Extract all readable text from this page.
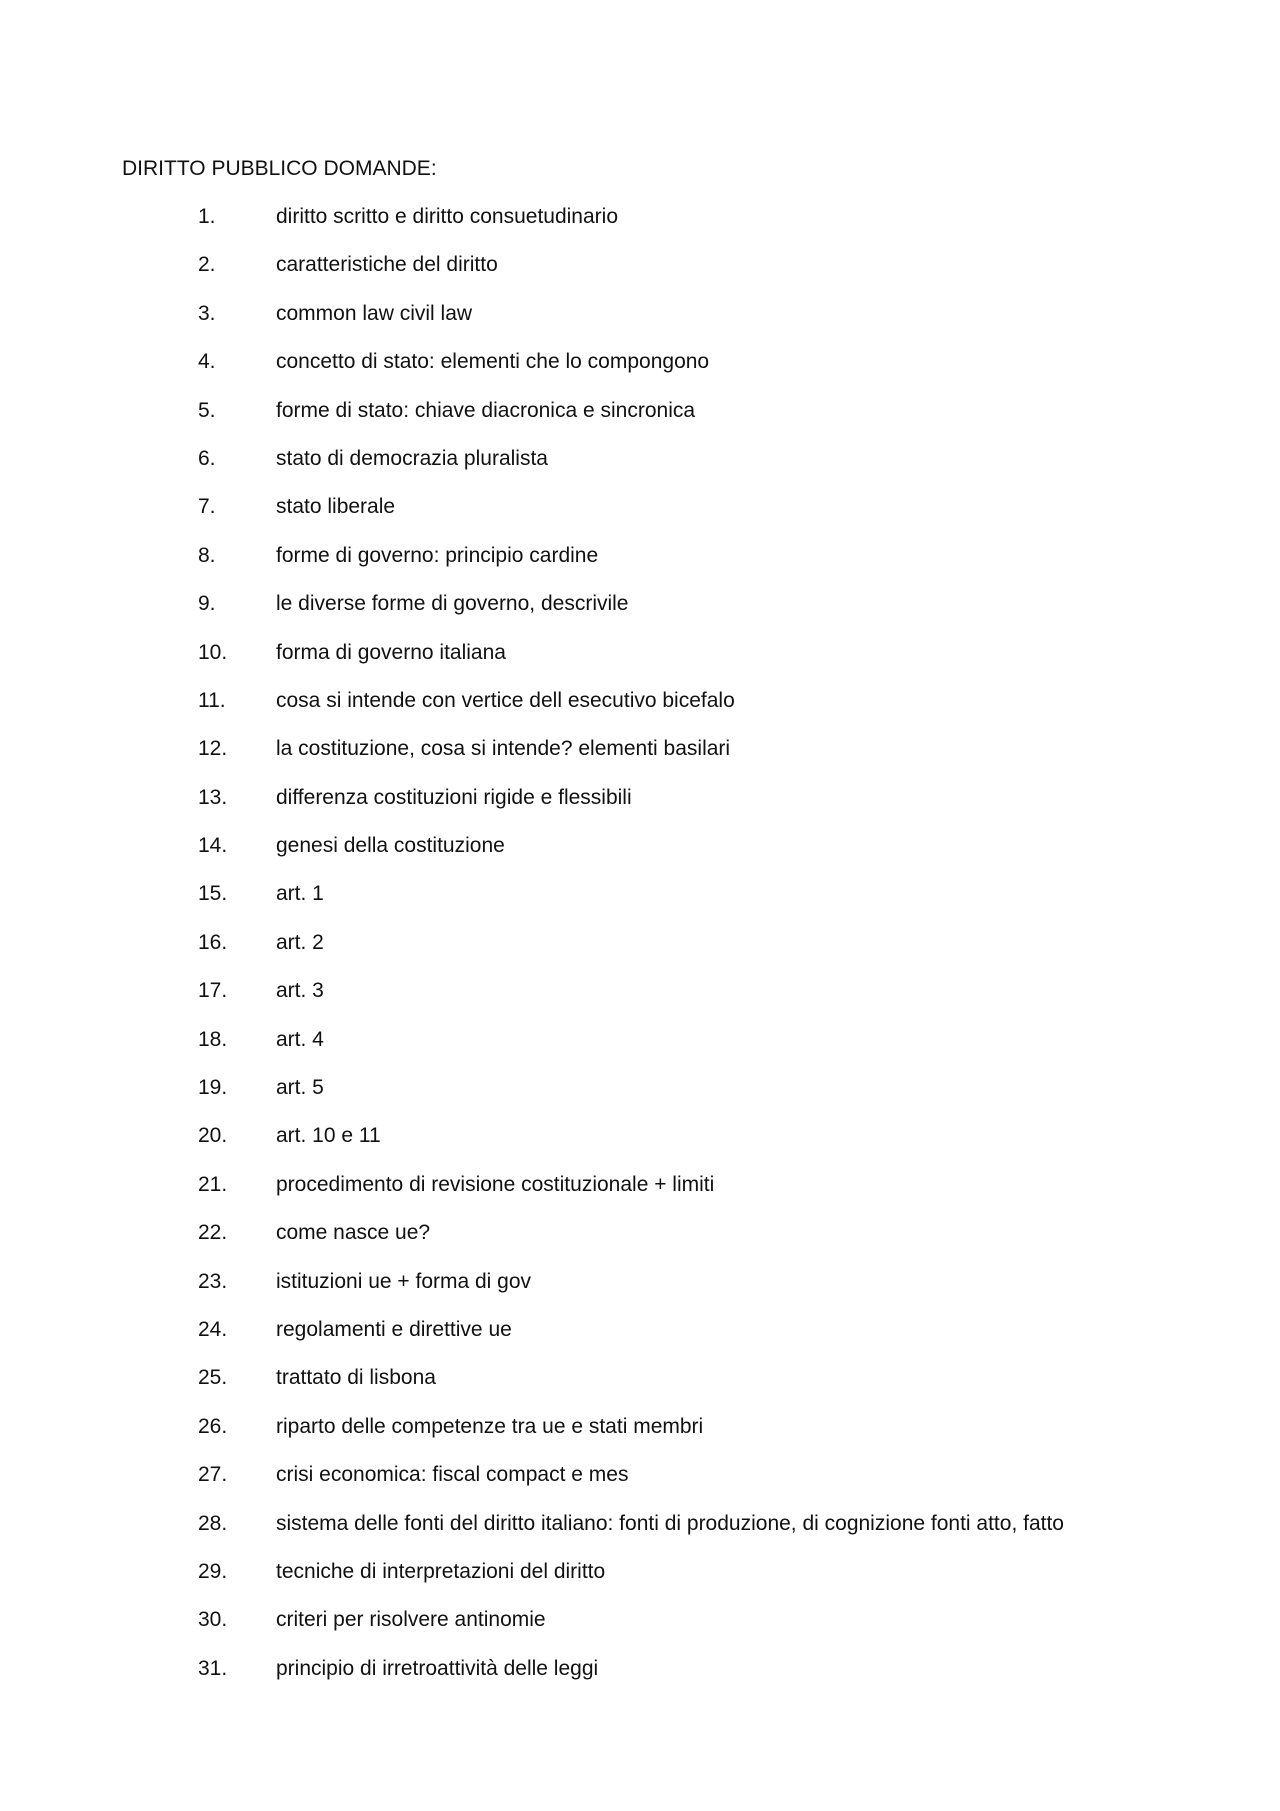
DIRITTO PUBBLICO DOMANDE:
1.	diritto scritto e diritto consuetudinario
2.	caratteristiche del diritto
3.	common law civil law
4.	concetto di stato: elementi che lo compongono
5.	forme di stato: chiave diacronica e sincronica
6.	stato di democrazia pluralista
7.	stato liberale
8.	forme di governo: principio cardine
9.	le diverse forme di governo, descrivile
10. forma di governo italiana
11. cosa si intende con vertice dell esecutivo bicefalo
12. la costituzione, cosa si intende? elementi basilari
13. differenza costituzioni rigide e flessibili
14. genesi della costituzione
15. art. 1
16. art. 2
17. art. 3
18. art. 4
19. art. 5
20. art. 10 e 11
21. procedimento di revisione costituzionale + limiti
22. come nasce ue?
23. istituzioni ue + forma di gov
24. regolamenti e direttive ue
25. trattato di lisbona
26. riparto delle competenze tra ue e stati membri
27. crisi economica: fiscal compact e mes
28. sistema delle fonti del diritto italiano: fonti di produzione, di cognizione fonti atto, fatto
29. tecniche di interpretazioni del diritto
30. criteri per risolvere antinomie
31. principio di irretroattività delle leggi
